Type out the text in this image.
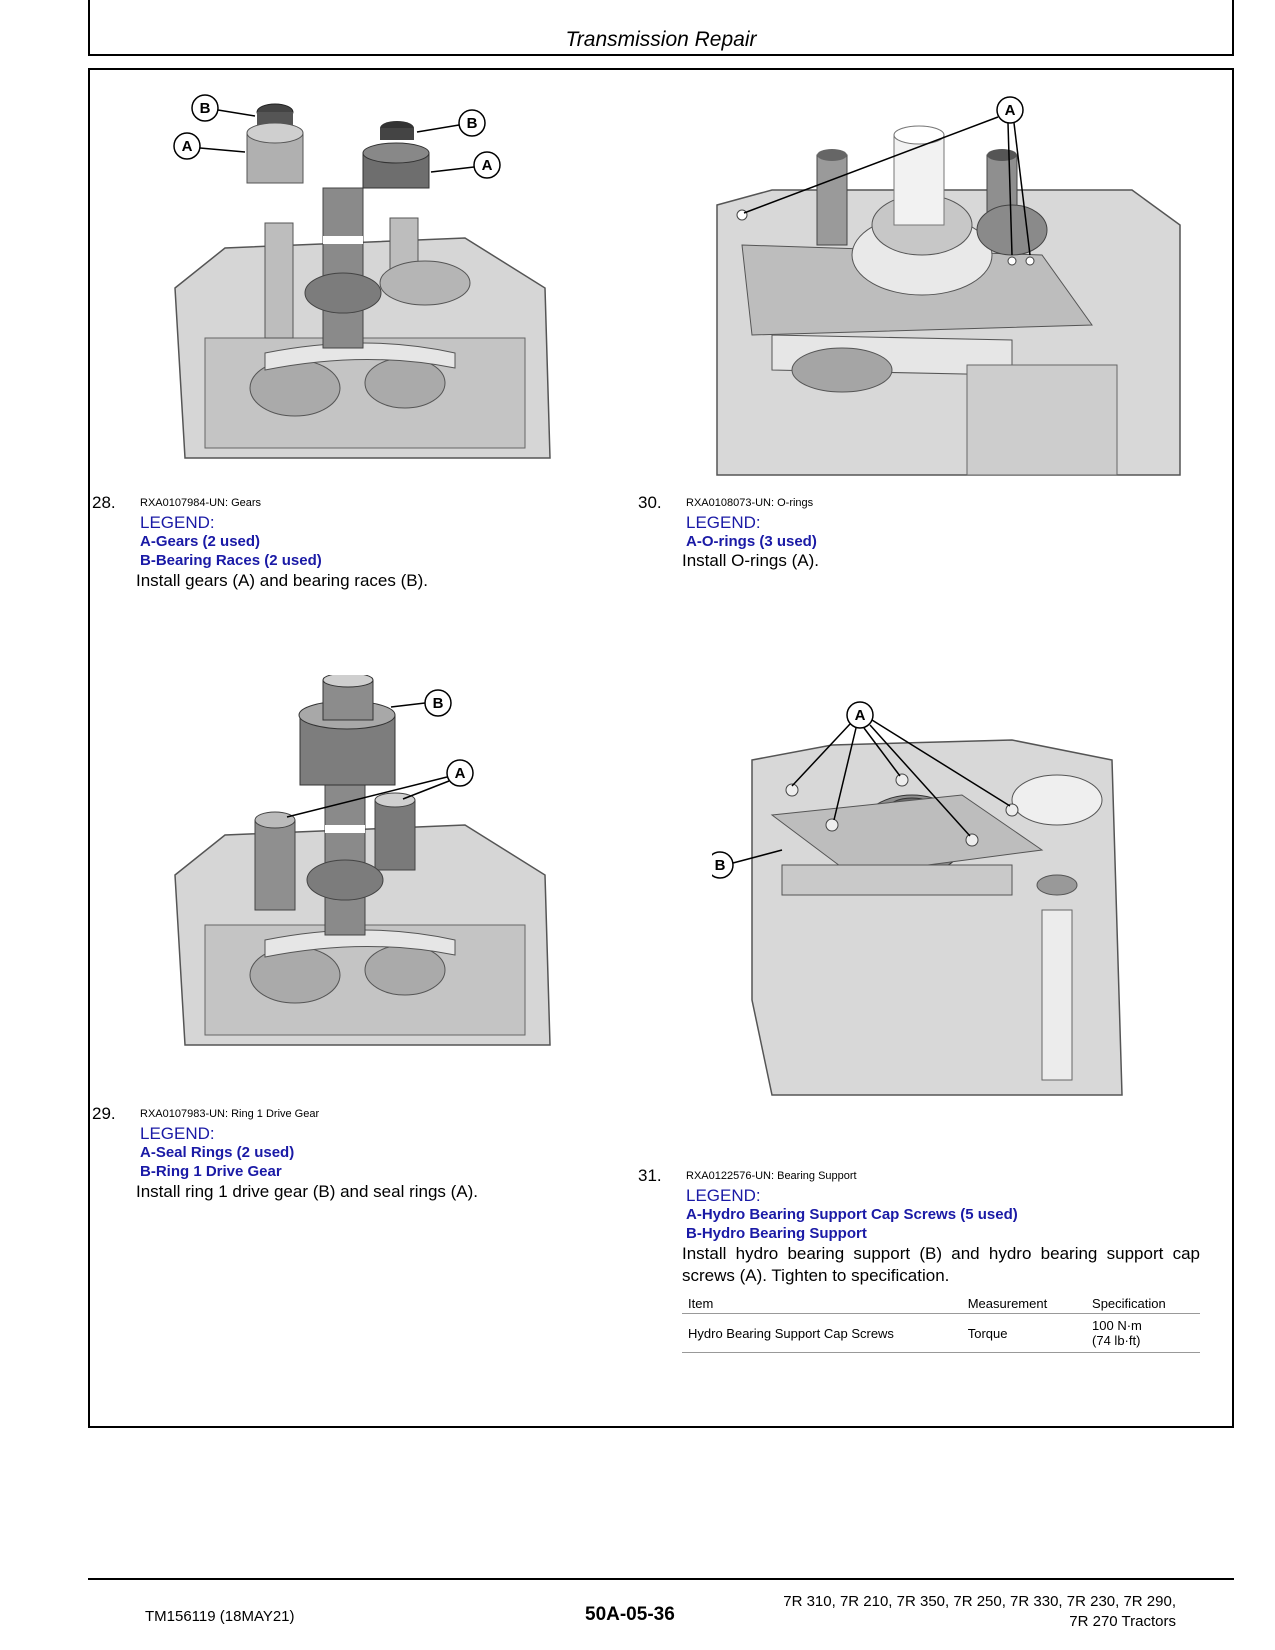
Transmission Repair
B
A
B
A
A
28. RXA0107984-UN: Gears
LEGEND:
A-Gears (2 used)
B-Bearing Races (2 used)
Install gears (A) and bearing races (B).
30. RXA0108073-UN: O-rings
LEGEND:
A-O-rings (3 used)
Install O-rings (A).
B
A
A
B
29. RXA0107983-UN: Ring 1 Drive Gear
LEGEND:
A-Seal Rings (2 used)
B-Ring 1 Drive Gear
Install ring 1 drive gear (B) and seal rings (A).
31. RXA0122576-UN: Bearing Support
LEGEND:
A-Hydro Bearing Support Cap Screws (5 used)
B-Hydro Bearing Support
Install hydro bearing support (B) and hydro bearing support cap screws (A). Tighten to specification.
Item	Measurement	Specification
Hydro Bearing Support Cap Screws	Torque	100 N·m
(74 lb·ft)
TM156119 (18MAY21)	50A-05-36
7R 310, 7R 210, 7R 350, 7R 250, 7R 330, 7R 230, 7R 290,
7R 270 Tractors
